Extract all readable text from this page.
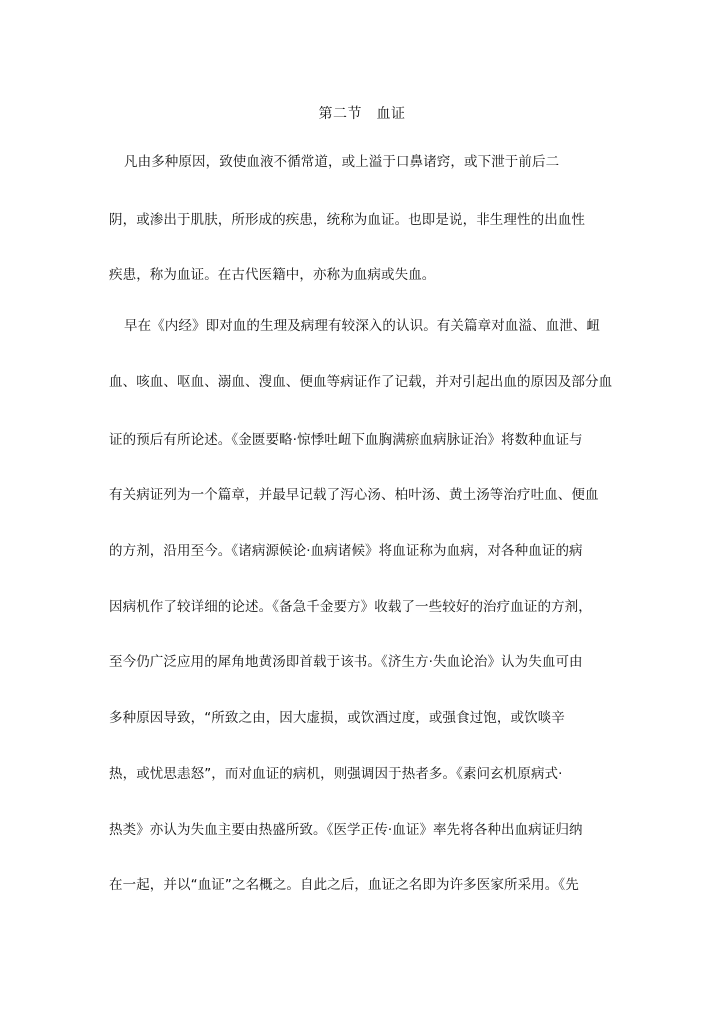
第二节　血证
凡由多种原因，致使血液不循常道，或上溢于口鼻诸窍，或下泄于前后二
阴，或渗出于肌肤，所形成的疾患，统称为血证。也即是说，非生理性的出血性
疾患，称为血证。在古代医籍中，亦称为血病或失血。
早在《内经》即对血的生理及病理有较深入的认识。有关篇章对血溢、血泄、衄
血、咳血、呕血、溺血、溲血、便血等病证作了记载，并对引起出血的原因及部分血
证的预后有所论述。《金匮要略·惊悸吐衄下血胸满瘀血病脉证治》将数种血证与
有关病证列为一个篇章，并最早记载了泻心汤、柏叶汤、黄土汤等治疗吐血、便血
的方剂，沿用至今。《诸病源候论·血病诸候》将血证称为血病，对各种血证的病
因病机作了较详细的论述。《备急千金要方》收载了一些较好的治疗血证的方剂，
至今仍广泛应用的犀角地黄汤即首载于该书。《济生方·失血论治》认为失血可由
多种原因导致，“所致之由，因大虚损，或饮酒过度，或强食过饱，或饮啖辛
热，或忧思恚怒”，而对血证的病机，则强调因于热者多。《素问玄机原病式·
热类》亦认为失血主要由热盛所致。《医学正传·血证》率先将各种出血病证归纳
在一起，并以“血证”之名概之。自此之后，血证之名即为许多医家所采用。《先
